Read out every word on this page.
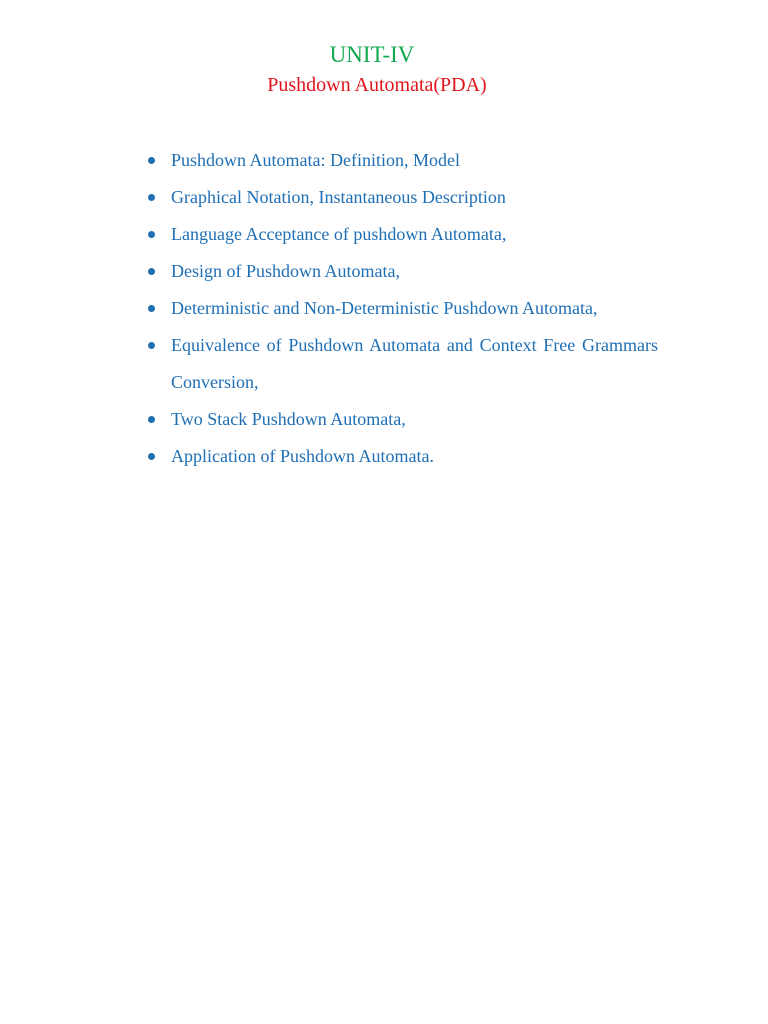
UNIT-IV
Pushdown Automata(PDA)
Pushdown Automata: Definition, Model
Graphical Notation, Instantaneous Description
Language Acceptance of pushdown Automata,
Design of Pushdown Automata,
Deterministic and Non-Deterministic Pushdown Automata,
Equivalence of Pushdown Automata and Context Free Grammars Conversion,
Two Stack Pushdown Automata,
Application of Pushdown Automata.
